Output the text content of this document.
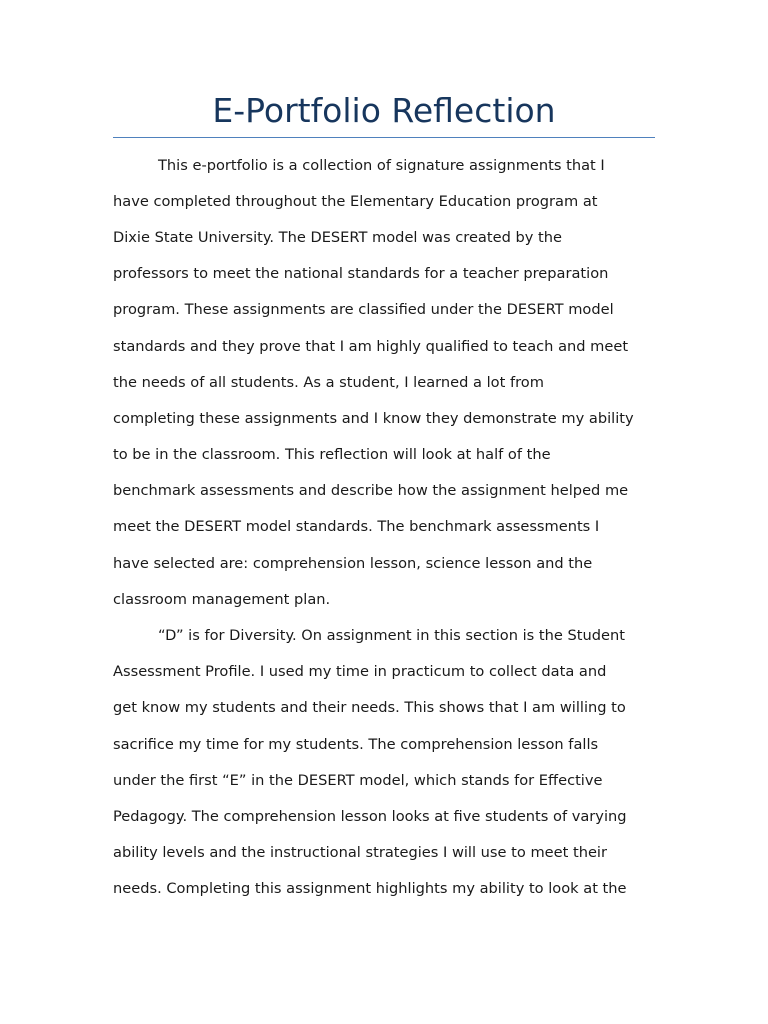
E-Portfolio Reflection
This e-portfolio is a collection of signature assignments that I
have completed throughout the Elementary Education program at
Dixie State University. The DESERT model was created by the
professors to meet the national standards for a teacher preparation
program. These assignments are classified under the DESERT model
standards and they prove that I am highly qualified to teach and meet
the needs of all students. As a student, I learned a lot from
completing these assignments and I know they demonstrate my ability
to be in the classroom. This reflection will look at half of the
benchmark assessments and describe how the assignment helped me
meet the DESERT model standards. The benchmark assessments I
have selected are: comprehension lesson, science lesson and the
classroom management plan.
“D” is for Diversity. On assignment in this section is the Student
Assessment Profile. I used my time in practicum to collect data and
get know my students and their needs. This shows that I am willing to
sacrifice my time for my students. The comprehension lesson falls
under the first “E” in the DESERT model, which stands for Effective
Pedagogy. The comprehension lesson looks at five students of varying
ability levels and the instructional strategies I will use to meet their
needs. Completing this assignment highlights my ability to look at the
